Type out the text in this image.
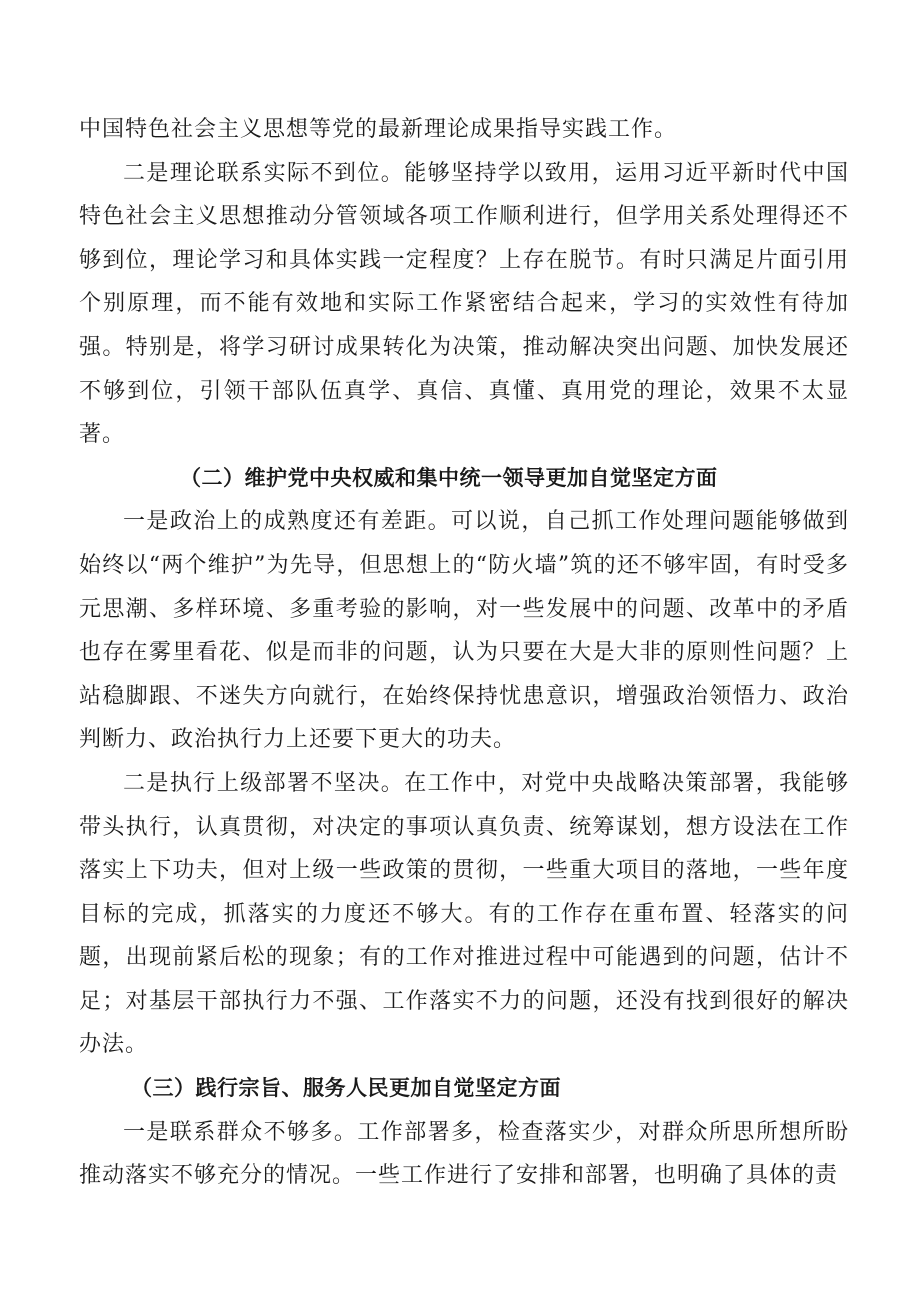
中国特色社会主义思想等党的最新理论成果指导实践工作。

二是理论联系实际不到位。能够坚持学以致用，运用习近平新时代中国特色社会主义思想推动分管领域各项工作顺利进行，但学用关系处理得还不够到位，理论学习和具体实践一定程度？上存在脱节。有时只满足片面引用个别原理，而不能有效地和实际工作紧密结合起来，学习的实效性有待加强。特别是，将学习研讨成果转化为决策，推动解决突出问题、加快发展还不够到位，引领干部队伍真学、真信、真懂、真用党的理论，效果不太显著。

（二）维护党中央权威和集中统一领导更加自觉坚定方面

一是政治上的成熟度还有差距。可以说，自己抓工作处理问题能够做到始终以“两个维护”为先导，但思想上的“防火墙”筑的还不够牢固，有时受多元思潮、多样环境、多重考验的影响，对一些发展中的问题、改革中的矛盾也存在雾里看花、似是而非的问题，认为只要在大是大非的原则性问题？上站稳脚跟、不迷失方向就行，在始终保持忧患意识，增强政治领悟力、政治判断力、政治执行力上还要下更大的功夫。

二是执行上级部署不坚决。在工作中，对党中央战略决策部署，我能够带头执行，认真贯彻，对决定的事项认真负责、统筹谋划，想方设法在工作落实上下功夫，但对上级一些政策的贯彻，一些重大项目的落地，一些年度目标的完成，抓落实的力度还不够大。有的工作存在重布置、轻落实的问题，出现前紧后松的现象；有的工作对推进过程中可能遇到的问题，估计不足；对基层干部执行力不强、工作落实不力的问题，还没有找到很好的解决办法。

（三）践行宗旨、服务人民更加自觉坚定方面

一是联系群众不够多。工作部署多，检查落实少，对群众所思所想所盼推动落实不够充分的情况。一些工作进行了安排和部署，也明确了具体的责
